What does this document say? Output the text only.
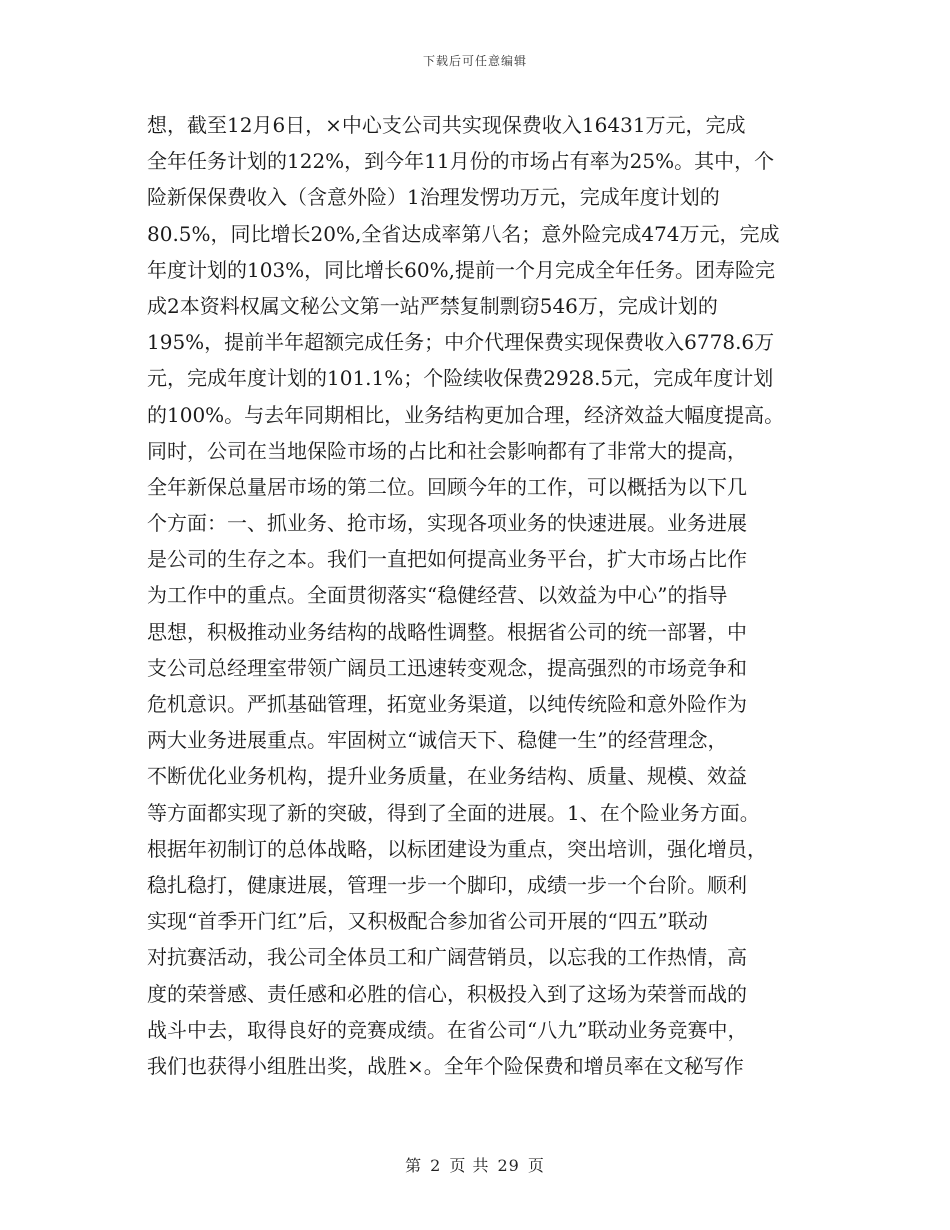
下载后可任意编辑
想，截至12月6日，×中心支公司共实现保费收入16431万元，完成
全年任务计划的122%，到今年11月份的市场占有率为25%。其中，个
险新保保费收入（含意外险）1治理发愣功万元，完成年度计划的
80.5%，同比增长20%,全省达成率第八名；意外险完成474万元，完成
年度计划的103%，同比增长60%,提前一个月完成全年任务。团寿险完
成2本资料权属文秘公文第一站严禁复制剽窃546万，完成计划的
195%，提前半年超额完成任务；中介代理保费实现保费收入6778.6万
元，完成年度计划的101.1%；个险续收保费2928.5元，完成年度计划
的100%。与去年同期相比，业务结构更加合理，经济效益大幅度提高。
同时，公司在当地保险市场的占比和社会影响都有了非常大的提高，
全年新保总量居市场的第二位。回顾今年的工作，可以概括为以下几
个方面：一、抓业务、抢市场，实现各项业务的快速进展。业务进展
是公司的生存之本。我们一直把如何提高业务平台，扩大市场占比作
为工作中的重点。全面贯彻落实“稳健经营、以效益为中心”的指导
思想，积极推动业务结构的战略性调整。根据省公司的统一部署，中
支公司总经理室带领广阔员工迅速转变观念，提高强烈的市场竞争和
危机意识。严抓基础管理，拓宽业务渠道，以纯传统险和意外险作为
两大业务进展重点。牢固树立“诚信天下、稳健一生”的经营理念，
不断优化业务机构，提升业务质量，在业务结构、质量、规模、效益
等方面都实现了新的突破，得到了全面的进展。1、在个险业务方面。
根据年初制订的总体战略，以标团建设为重点，突出培训，强化增员，
稳扎稳打，健康进展，管理一步一个脚印，成绩一步一个台阶。顺利
实现“首季开门红”后，又积极配合参加省公司开展的“四五”联动
对抗赛活动，我公司全体员工和广阔营销员，以忘我的工作热情，高
度的荣誉感、责任感和必胜的信心，积极投入到了这场为荣誉而战的
战斗中去，取得良好的竞赛成绩。在省公司“八九”联动业务竞赛中，
我们也获得小组胜出奖，战胜×。全年个险保费和增员率在文秘写作
第 2 页 共 29 页
